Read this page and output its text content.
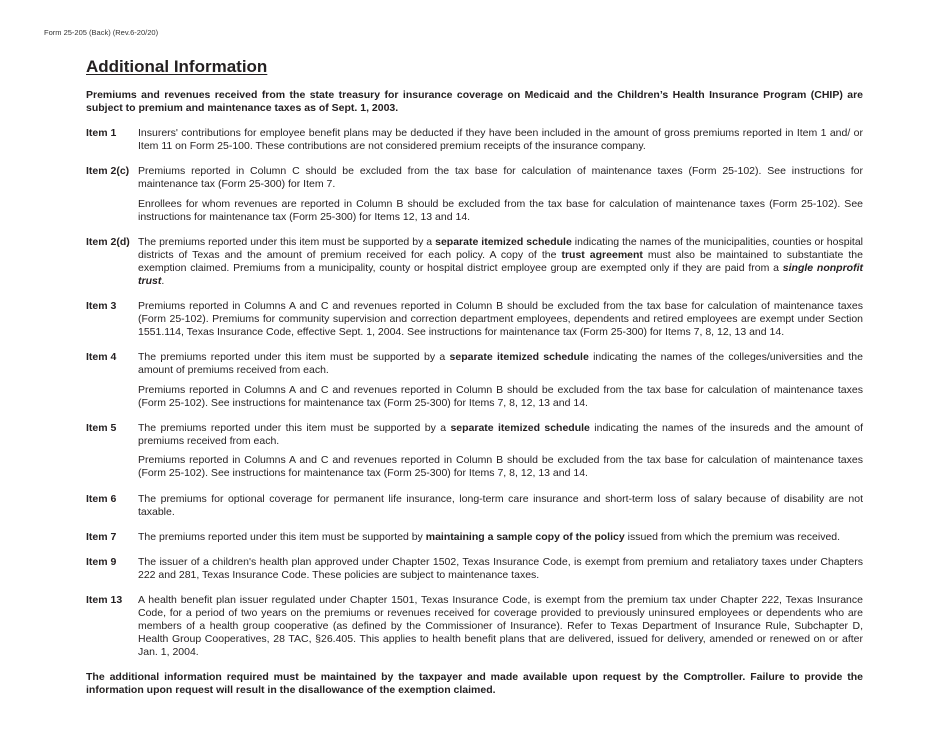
Form 25-205 (Back) (Rev.6-20/20)
Additional Information

Premiums and revenues received from the state treasury for insurance coverage on Medicaid and the Children’s Health Insurance Program (CHIP) are subject to premium and maintenance taxes as of Sept. 1, 2003.

Item 1	Insurers' contributions for employee benefit plans may be deducted if they have been included in the amount of gross premiums reported in Item 1 and/ or Item 11 on Form 25-100. These contributions are not considered premium receipts of the insurance company.

Item 2(c) Premiums reported in Column C should be excluded from the tax base for calculation of maintenance taxes (Form 25-102). See instructions for maintenance tax (Form 25-300) for Item 7.

Enrollees for whom revenues are reported in Column B should be excluded from the tax base for calculation of maintenance taxes (Form 25-102). See instructions for maintenance tax (Form 25-300) for Items 12, 13 and 14.

Item 2(d) The premiums reported under this item must be supported by a separate itemized schedule indicating the names of the municipalities, counties or hospital districts of Texas and the amount of premium received for each policy. A copy of the trust agreement must also be maintained to substantiate the exemption claimed. Premiums from a municipality, county or hospital district employee group are exempted only if they are paid from a single nonprofit trust.

Item 3	Premiums reported in Columns A and C and revenues reported in Column B should be excluded from the tax base for calculation of maintenance taxes (Form 25-102). Premiums for community supervision and correction department employees, dependents and retired employees are exempt under Section 1551.114, Texas Insurance Code, effective Sept. 1, 2004. See instructions for maintenance tax (Form 25-300) for Items 7, 8, 12, 13 and 14.

Item 4	The premiums reported under this item must be supported by a separate itemized schedule indicating the names of the colleges/universities and the amount of premiums received from each.

Premiums reported in Columns A and C and revenues reported in Column B should be excluded from the tax base for calculation of maintenance taxes (Form 25-102). See instructions for maintenance tax (Form 25-300) for Items 7, 8, 12, 13 and 14.

Item 5	The premiums reported under this item must be supported by a separate itemized schedule indicating the names of the insureds and the amount of premiums received from each.

Premiums reported in Columns A and C and revenues reported in Column B should be excluded from the tax base for calculation of maintenance taxes (Form 25-102). See instructions for maintenance tax (Form 25-300) for Items 7, 8, 12, 13 and 14.

Item 6	The premiums for optional coverage for permanent life insurance, long-term care insurance and short-term loss of salary because of disability are not taxable.

Item 7	The premiums reported under this item must be supported by maintaining a sample copy of the policy issued from which the premium was received.

Item 9	The issuer of a children's health plan approved under Chapter 1502, Texas Insurance Code, is exempt from premium and retaliatory taxes under Chapters 222 and 281, Texas Insurance Code. These policies are subject to maintenance taxes.

Item 13	A health benefit plan issuer regulated under Chapter 1501, Texas Insurance Code, is exempt from the premium tax under Chapter 222, Texas Insurance Code, for a period of two years on the premiums or revenues received for coverage provided to previously uninsured employees or dependents who are members of a health group cooperative (as defined by the Commissioner of Insurance). Refer to Texas Department of Insurance Rule, Subchapter D, Health Group Cooperatives, 28 TAC, §26.405. This applies to health benefit plans that are delivered, issued for delivery, amended or renewed on or after Jan. 1, 2004.

The additional information required must be maintained by the taxpayer and made available upon request by the Comptroller. Failure to provide the information upon request will result in the disallowance of the exemption claimed.
